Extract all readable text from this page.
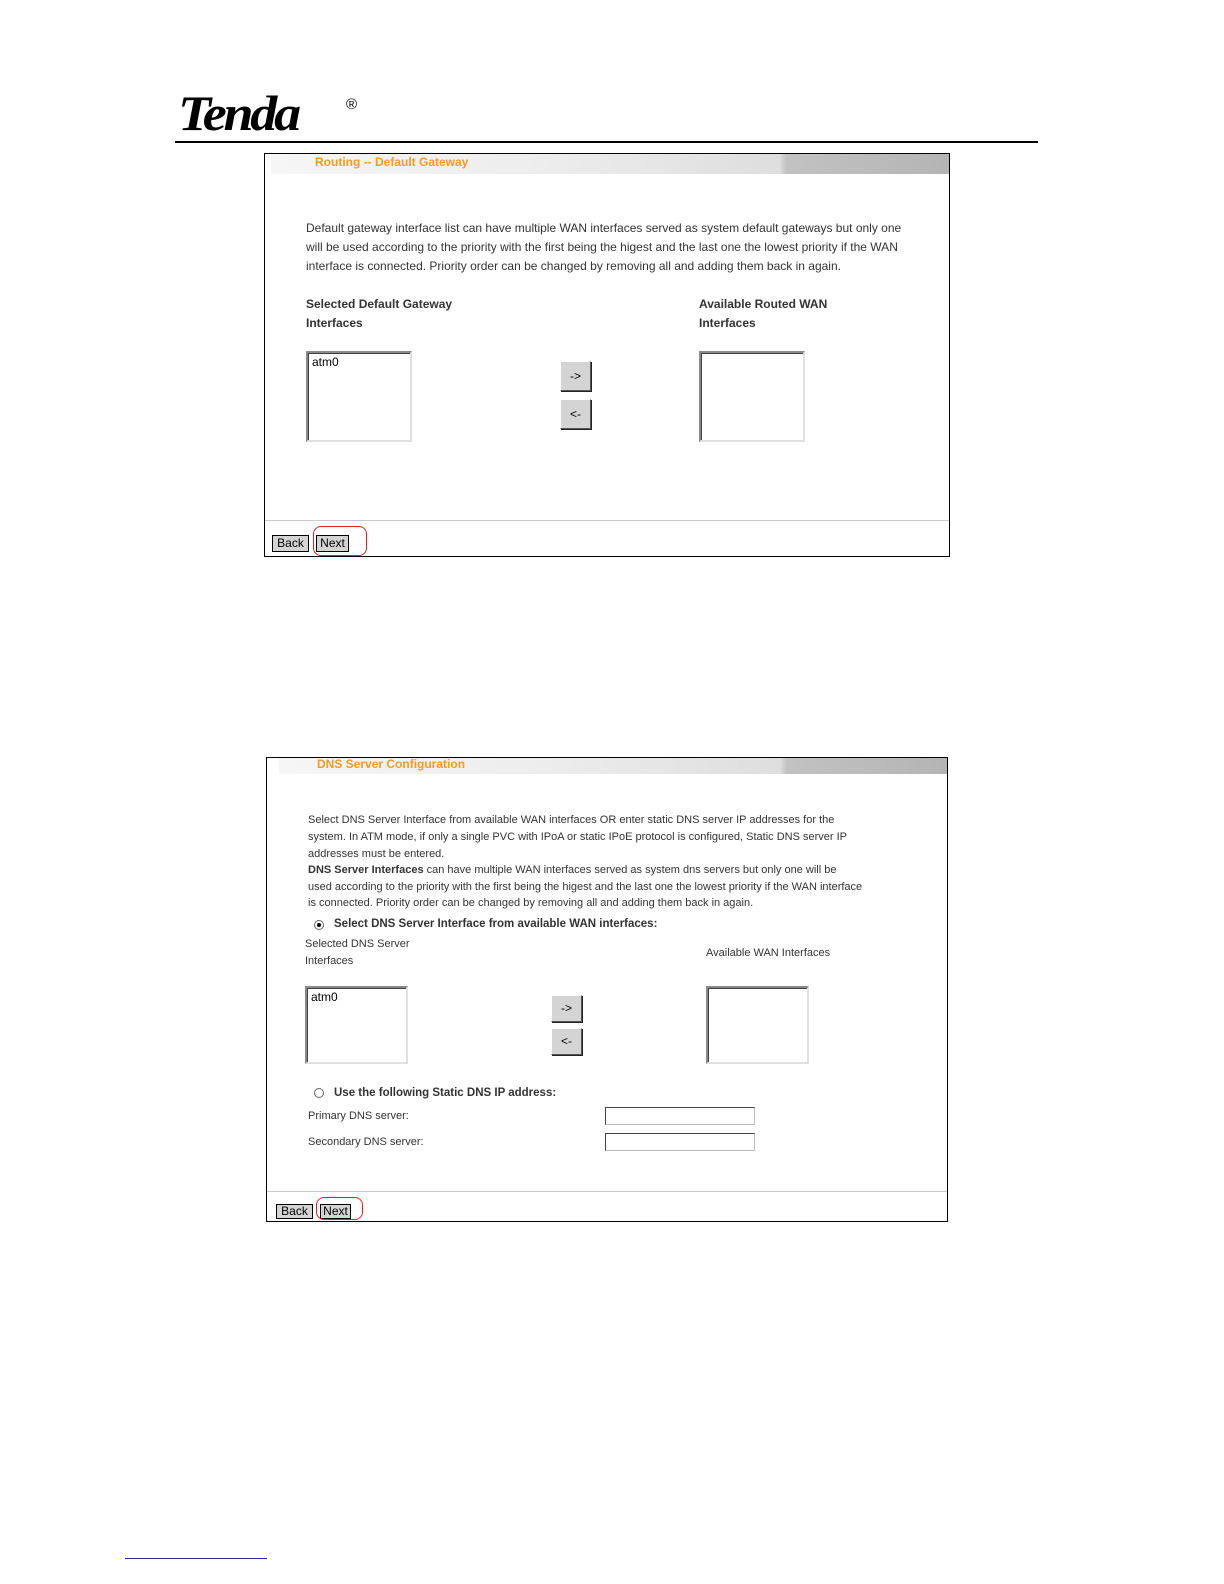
Tenda	®
Routing -- Default Gateway
Default gateway interface list can have multiple WAN interfaces served as system default gateways but only one
will be used according to the priority with the first being the higest and the last one the lowest priority if the WAN
interface is connected. Priority order can be changed by removing all and adding them back in again.
Selected Default Gateway
Interfaces
Available Routed WAN
Interfaces
atm0
->
<-
Back	Next
DNS Server Configuration
Select DNS Server Interface from available WAN interfaces OR enter static DNS server IP addresses for the
system. In ATM mode, if only a single PVC with IPoA or static IPoE protocol is configured, Static DNS server IP
addresses must be entered.
DNS Server Interfaces can have multiple WAN interfaces served as system dns servers but only one will be
used according to the priority with the first being the higest and the last one the lowest priority if the WAN interface
is connected. Priority order can be changed by removing all and adding them back in again.
Select DNS Server Interface from available WAN interfaces:
Selected DNS Server
Interfaces
Available WAN Interfaces
atm0
->
<-
Use the following Static DNS IP address:
Primary DNS server:
Secondary DNS server:
Back	Next
